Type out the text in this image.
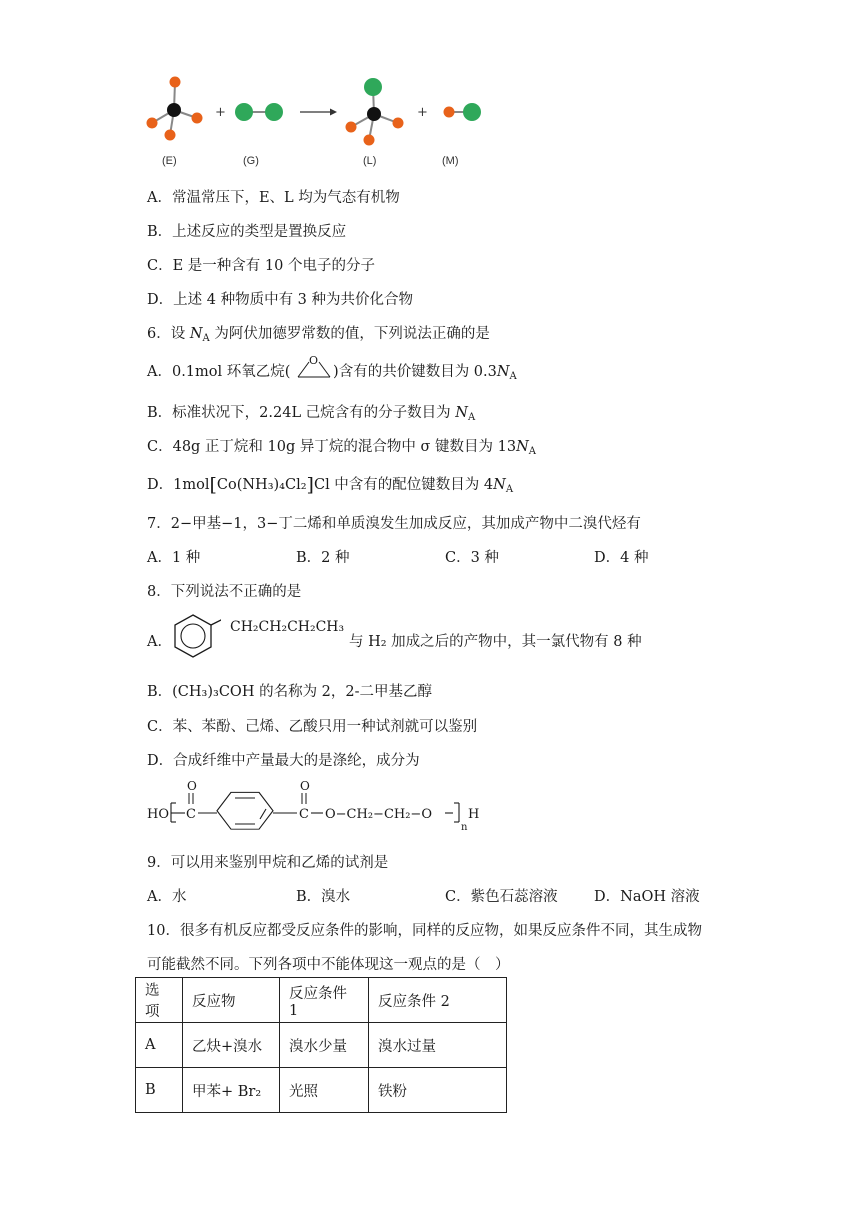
+	+
(E)	(G)	(L)	(M)
A．常温常压下，E、L 均为气态有机物
B．上述反应的类型是置换反应
C．E 是一种含有 10 个电子的分子
D．上述 4 种物质中有 3 种为共价化合物
6．设 $N_A$ 为阿伏加德罗常数的值，下列说法正确的是
A．0.1mol 环氧乙烷(
O
)含有的共价键数目为 $0.3N_A$
B．标准状况下，2.24L 己烷含有的分子数目为 $N_A$
C．48g 正丁烷和 10g 异丁烷的混合物中 σ 键数目为 $13N_A$
D．1mol[Co(NH₃)₄Cl₂]Cl 中含有的配位键数目为 $4N_A$
7．2−甲基−1，3−丁二烯和单质溴发生加成反应，其加成产物中二溴代烃有
A．1 种	B．2 种	C．3 种	D．4 种
8．下列说法不正确的是
A．
CH₂CH₂CH₂CH₃
与 H₂ 加成之后的产物中，其一氯代物有 8 种
B．(CH₃)₃COH 的名称为 2，2-二甲基乙醇
C．苯、苯酚、己烯、乙酸只用一种试剂就可以鉴别
D．合成纤维中产量最大的是涤纶，成分为
HO
O
C
O
C O−CH₂−CH₂−O
n
H
9．可以用来鉴别甲烷和乙烯的试剂是
A．水	B．溴水	C．紫色石蕊溶液	D．NaOH 溶液
10．很多有机反应都受反应条件的影响，同样的反应物，如果反应条件不同，其生成物
可能截然不同。下列各项中不能体现这一观点的是（　）
选项	反应物	反应条件 1	反应条件 2
A	乙炔+溴水	溴水少量	溴水过量
B	甲苯+ Br₂	光照	铁粉
